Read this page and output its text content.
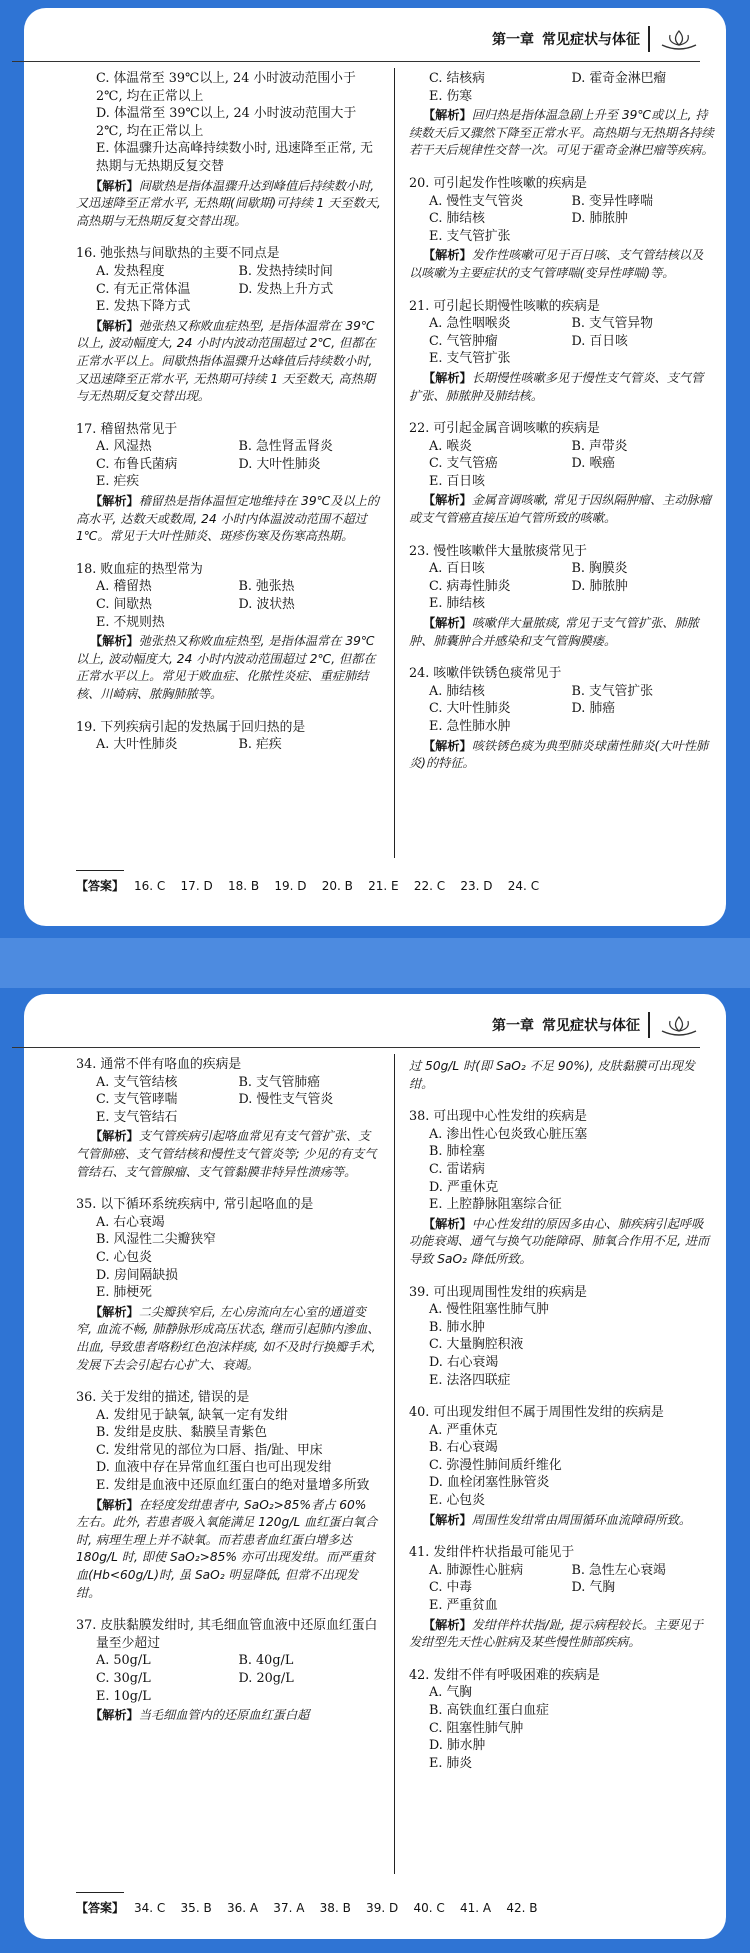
第一章 常见症状与体征
C. 体温常至 39℃以上, 24 小时波动范围小于 2℃, 均在正常以上
D. 体温常至 39℃以上, 24 小时波动范围大于 2℃, 均在正常以上
E. 体温骤升达高峰持续数小时, 迅速降至正常, 无热期与无热期反复交替
【解析】间歇热是指体温骤升达到峰值后持续数小时, 又迅速降至正常水平, 无热期(间歇期)可持续 1 天至数天, 高热期与无热期反复交替出现。
16. 弛张热与间歇热的主要不同点是
A. 发热程度	B. 发热持续时间
C. 有无正常体温	D. 发热上升方式
E. 发热下降方式
【解析】弛张热又称败血症热型, 是指体温常在 39℃以上, 波动幅度大, 24 小时内波动范围超过 2℃, 但都在正常水平以上。间歇热指体温骤升达峰值后持续数小时, 又迅速降至正常水平, 无热期可持续 1 天至数天, 高热期与无热期反复交替出现。
17. 稽留热常见于
A. 风湿热	B. 急性肾盂肾炎
C. 布鲁氏菌病	D. 大叶性肺炎
E. 疟疾
【解析】稽留热是指体温恒定地维持在 39℃及以上的高水平, 达数天或数周, 24 小时内体温波动范围不超过 1℃。常见于大叶性肺炎、斑疹伤寒及伤寒高热期。
18. 败血症的热型常为
A. 稽留热	B. 弛张热
C. 间歇热	D. 波状热
E. 不规则热
【解析】弛张热又称败血症热型, 是指体温常在 39℃以上, 波动幅度大, 24 小时内波动范围超过 2℃, 但都在正常水平以上。常见于败血症、化脓性炎症、重症肺结核、川崎病、脓胸肺脓等。
19. 下列疾病引起的发热属于回归热的是
A. 大叶性肺炎	B. 疟疾
C. 结核病	D. 霍奇金淋巴瘤
E. 伤寒
【解析】回归热是指体温急剧上升至 39℃或以上, 持续数天后又骤然下降至正常水平。高热期与无热期各持续若干天后规律性交替一次。可见于霍奇金淋巴瘤等疾病。
20. 可引起发作性咳嗽的疾病是
A. 慢性支气管炎	B. 变异性哮喘
C. 肺结核	D. 肺脓肿
E. 支气管扩张
【解析】发作性咳嗽可见于百日咳、支气管结核以及以咳嗽为主要症状的支气管哮喘(变异性哮喘)等。
21. 可引起长期慢性咳嗽的疾病是
A. 急性咽喉炎	B. 支气管异物
C. 气管肿瘤	D. 百日咳
E. 支气管扩张
【解析】长期慢性咳嗽多见于慢性支气管炎、支气管扩张、肺脓肿及肺结核。
22. 可引起金属音调咳嗽的疾病是
A. 喉炎	B. 声带炎
C. 支气管癌	D. 喉癌
E. 百日咳
【解析】金属音调咳嗽, 常见于因纵隔肿瘤、主动脉瘤或支气管癌直接压迫气管所致的咳嗽。
23. 慢性咳嗽伴大量脓痰常见于
A. 百日咳	B. 胸膜炎
C. 病毒性肺炎	D. 肺脓肿
E. 肺结核
【解析】咳嗽伴大量脓痰, 常见于支气管扩张、肺脓肿、肺囊肿合并感染和支气管胸膜瘘。
24. 咳嗽伴铁锈色痰常见于
A. 肺结核	B. 支气管扩张
C. 大叶性肺炎	D. 肺癌
E. 急性肺水肿
【解析】咳铁锈色痰为典型肺炎球菌性肺炎(大叶性肺炎)的特征。
【答案】 16. C    17. D    18. B    19. D    20. B    21. E    22. C    23. D    24. C
第一章 常见症状与体征
34. 通常不伴有咯血的疾病是
A. 支气管结核	B. 支气管肺癌
C. 支气管哮喘	D. 慢性支气管炎
E. 支气管结石
【解析】支气管疾病引起咯血常见有支气管扩张、支气管肺癌、支气管结核和慢性支气管炎等; 少见的有支气管结石、支气管腺瘤、支气管黏膜非特异性溃疡等。
35. 以下循环系统疾病中, 常引起咯血的是
A. 右心衰竭
B. 风湿性二尖瓣狭窄
C. 心包炎
D. 房间隔缺损
E. 肺梗死
【解析】二尖瓣狭窄后, 左心房流向左心室的通道变窄, 血流不畅, 肺静脉形成高压状态, 继而引起肺内渗血、出血, 导致患者咯粉红色泡沫样痰, 如不及时行换瓣手术, 发展下去会引起右心扩大、衰竭。
36. 关于发绀的描述, 错误的是
A. 发绀见于缺氧, 缺氧一定有发绀
B. 发绀是皮肤、黏膜呈青紫色
C. 发绀常见的部位为口唇、指/趾、甲床
D. 血液中存在异常血红蛋白也可出现发绀
E. 发绀是血液中还原血红蛋白的绝对量增多所致
【解析】在轻度发绀患者中, SaO₂>85%者占 60% 左右。此外, 若患者吸入氧能满足 120g/L 血红蛋白氧合时, 病理生理上并不缺氧。而若患者血红蛋白增多达 180g/L 时, 即使 SaO₂>85% 亦可出现发绀。而严重贫血(Hb<60g/L)时, 虽 SaO₂ 明显降低, 但常不出现发绀。
37. 皮肤黏膜发绀时, 其毛细血管血液中还原血红蛋白量至少超过
A. 50g/L	B. 40g/L
C. 30g/L	D. 20g/L
E. 10g/L
【解析】当毛细血管内的还原血红蛋白超
过 50g/L 时(即 SaO₂ 不足 90%), 皮肤黏膜可出现发绀。
38. 可出现中心性发绀的疾病是
A. 渗出性心包炎致心脏压塞
B. 肺栓塞
C. 雷诺病
D. 严重休克
E. 上腔静脉阻塞综合征
【解析】中心性发绀的原因多由心、肺疾病引起呼吸功能衰竭、通气与换气功能障碍、肺氧合作用不足, 进而导致 SaO₂ 降低所致。
39. 可出现周围性发绀的疾病是
A. 慢性阻塞性肺气肿
B. 肺水肿
C. 大量胸腔积液
D. 右心衰竭
E. 法洛四联症
40. 可出现发绀但不属于周围性发绀的疾病是
A. 严重休克
B. 右心衰竭
C. 弥漫性肺间质纤维化
D. 血栓闭塞性脉管炎
E. 心包炎
【解析】周围性发绀常由周围循环血流障碍所致。
41. 发绀伴杵状指最可能见于
A. 肺源性心脏病	B. 急性左心衰竭
C. 中毒	D. 气胸
E. 严重贫血
【解析】发绀伴杵状指/趾, 提示病程较长。主要见于发绀型先天性心脏病及某些慢性肺部疾病。
42. 发绀不伴有呼吸困难的疾病是
A. 气胸
B. 高铁血红蛋白血症
C. 阻塞性肺气肿
D. 肺水肿
E. 肺炎
【答案】 34. C    35. B    36. A    37. A    38. B    39. D    40. C    41. A    42. B
